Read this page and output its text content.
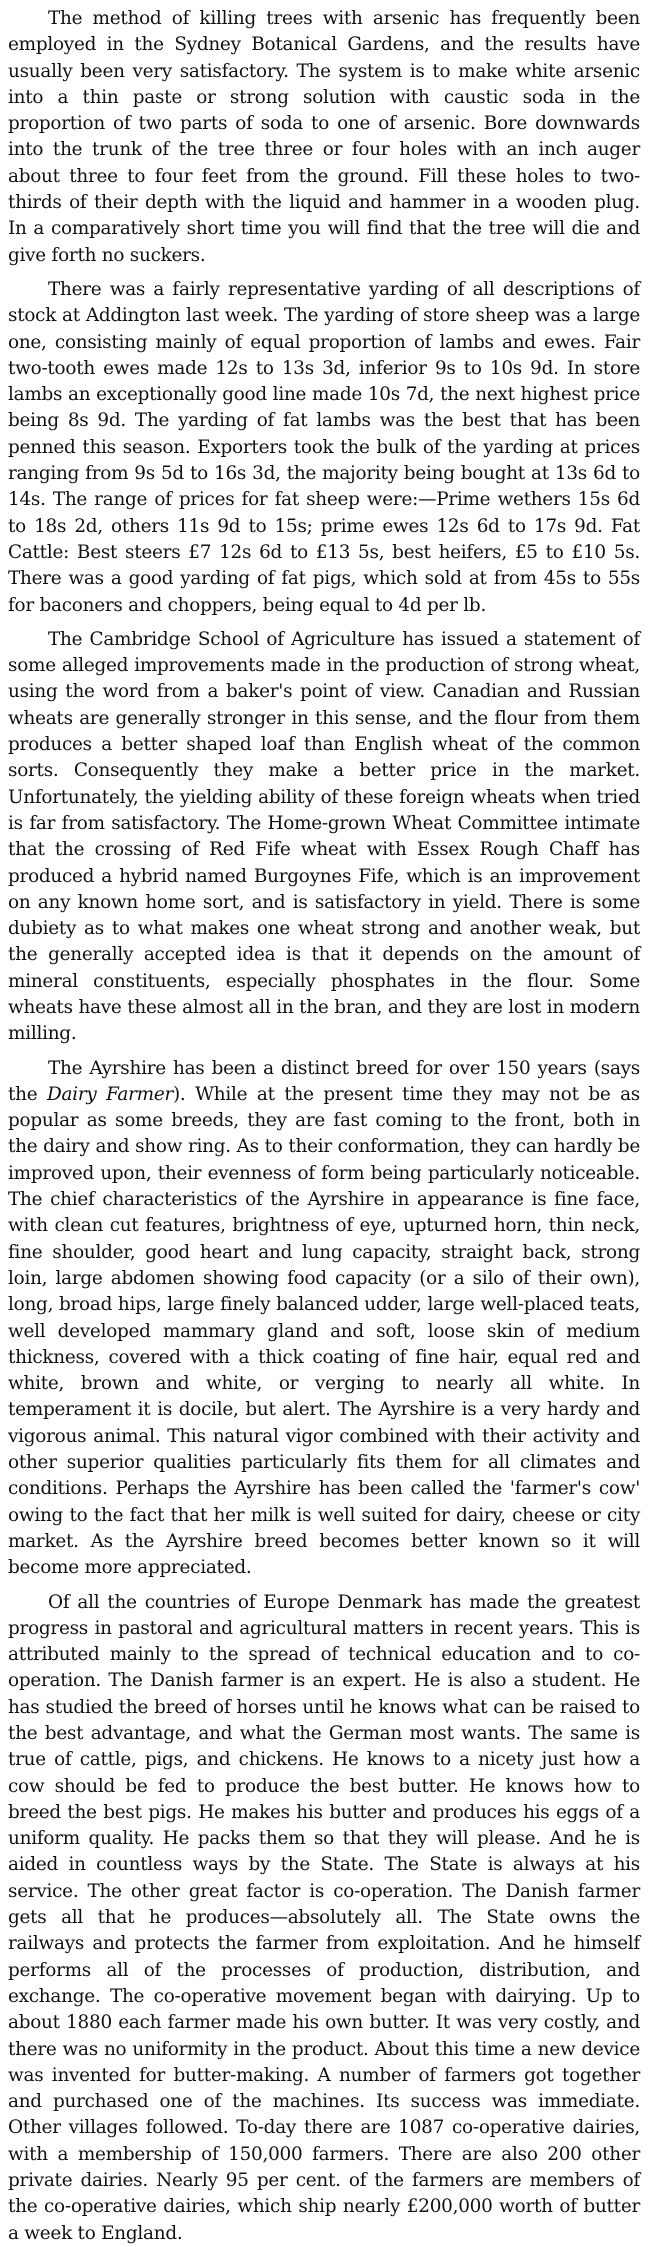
The method of killing trees with arsenic has frequently been employed in the Sydney Botanical Gardens, and the results have usually been very satisfactory. The system is to make white arsenic into a thin paste or strong solution with caustic soda in the proportion of two parts of soda to one of arsenic. Bore downwards into the trunk of the tree three or four holes with an inch auger about three to four feet from the ground. Fill these holes to two-thirds of their depth with the liquid and hammer in a wooden plug. In a comparatively short time you will find that the tree will die and give forth no suckers.

There was a fairly representative yarding of all descriptions of stock at Addington last week. The yarding of store sheep was a large one, consisting mainly of equal proportion of lambs and ewes. Fair two-tooth ewes made 12s to 13s 3d, inferior 9s to 10s 9d. In store lambs an exceptionally good line made 10s 7d, the next highest price being 8s 9d. The yarding of fat lambs was the best that has been penned this season. Exporters took the bulk of the yarding at prices ranging from 9s 5d to 16s 3d, the majority being bought at 13s 6d to 14s. The range of prices for fat sheep were:—Prime wethers 15s 6d to 18s 2d, others 11s 9d to 15s; prime ewes 12s 6d to 17s 9d. Fat Cattle: Best steers £7 12s 6d to £13 5s, best heifers, £5 to £10 5s. There was a good yarding of fat pigs, which sold at from 45s to 55s for baconers and choppers, being equal to 4d per lb.

The Cambridge School of Agriculture has issued a statement of some alleged improvements made in the production of strong wheat, using the word from a baker's point of view. Canadian and Russian wheats are generally stronger in this sense, and the flour from them produces a better shaped loaf than English wheat of the common sorts. Consequently they make a better price in the market. Unfortunately, the yielding ability of these foreign wheats when tried is far from satisfactory. The Home-grown Wheat Committee intimate that the crossing of Red Fife wheat with Essex Rough Chaff has produced a hybrid named Burgoynes Fife, which is an improvement on any known home sort, and is satisfactory in yield. There is some dubiety as to what makes one wheat strong and another weak, but the generally accepted idea is that it depends on the amount of mineral constituents, especially phosphates in the flour. Some wheats have these almost all in the bran, and they are lost in modern milling.

The Ayrshire has been a distinct breed for over 150 years (says the Dairy Farmer). While at the present time they may not be as popular as some breeds, they are fast coming to the front, both in the dairy and show ring. As to their conformation, they can hardly be improved upon, their evenness of form being particularly noticeable. The chief characteristics of the Ayrshire in appearance is fine face, with clean cut features, brightness of eye, upturned horn, thin neck, fine shoulder, good heart and lung capacity, straight back, strong loin, large abdomen showing food capacity (or a silo of their own), long, broad hips, large finely balanced udder, large well-placed teats, well developed mammary gland and soft, loose skin of medium thickness, covered with a thick coating of fine hair, equal red and white, brown and white, or verging to nearly all white. In temperament it is docile, but alert. The Ayrshire is a very hardy and vigorous animal. This natural vigor combined with their activity and other superior qualities particularly fits them for all climates and conditions. Perhaps the Ayrshire has been called the 'farmer's cow' owing to the fact that her milk is well suited for dairy, cheese or city market. As the Ayrshire breed becomes better known so it will become more appreciated.

Of all the countries of Europe Denmark has made the greatest progress in pastoral and agricultural matters in recent years. This is attributed mainly to the spread of technical education and to co-operation. The Danish farmer is an expert. He is also a student. He has studied the breed of horses until he knows what can be raised to the best advantage, and what the German most wants. The same is true of cattle, pigs, and chickens. He knows to a nicety just how a cow should be fed to produce the best butter. He knows how to breed the best pigs. He makes his butter and produces his eggs of a uniform quality. He packs them so that they will please. And he is aided in countless ways by the State. The State is always at his service. The other great factor is co-operation. The Danish farmer gets all that he produces—absolutely all. The State owns the railways and protects the farmer from exploitation. And he himself performs all of the processes of production, distribution, and exchange. The co-operative movement began with dairying. Up to about 1880 each farmer made his own butter. It was very costly, and there was no uniformity in the product. About this time a new device was invented for butter-making. A number of farmers got together and purchased one of the machines. Its success was immediate. Other villages followed. To-day there are 1087 co-operative dairies, with a membership of 150,000 farmers. There are also 200 other private dairies. Nearly 95 per cent. of the farmers are members of the co-operative dairies, which ship nearly £200,000 worth of butter a week to England.
